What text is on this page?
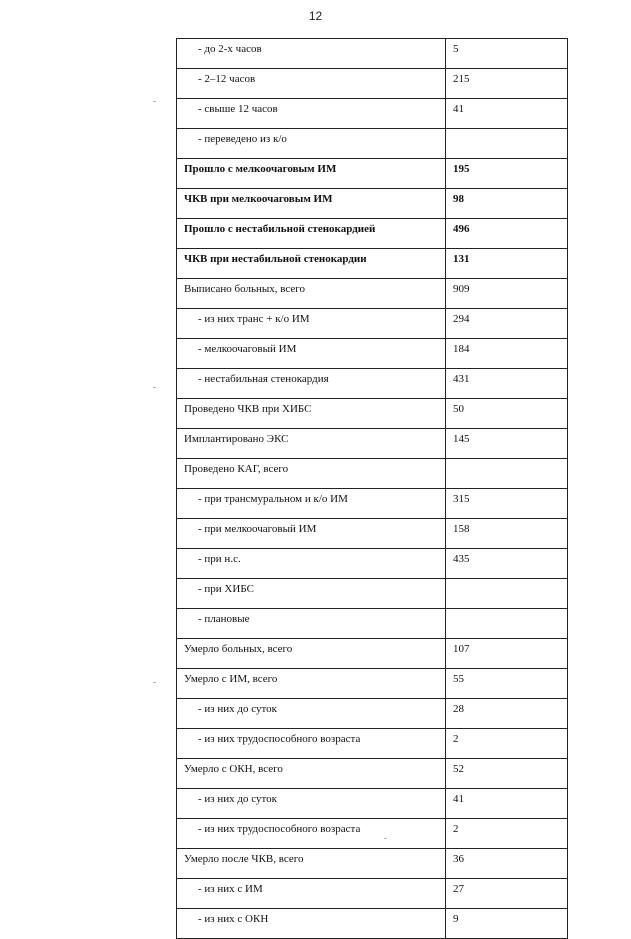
12
- до 2-х часов	5
- 2–12 часов	215
- свыше 12 часов	41
- переведено из к/о	
Прошло с мелкоочаговым ИМ	195
ЧКВ при мелкоочаговым ИМ	98
Прошло с нестабильной стенокардией	496
ЧКВ при нестабильной стенокардии	131
Выписано больных, всего	909
- из них транс + к/о ИМ	294
- мелкоочаговый ИМ	184
- нестабильная стенокардия	431
Проведено ЧКВ при ХИБС	50
Имплантировано ЭКС	145
Проведено КАГ, всего	
- при трансмуральном и к/о ИМ	315
- при мелкоочаговый ИМ	158
- при н.с.	435
- при ХИБС	
- плановые	
Умерло больных, всего	107
Умерло с ИМ, всего	55
- из них до суток	28
- из них трудоспособного возраста	2
Умерло с ОКН, всего	52
- из них до суток	41
- из них трудоспособного возраста	2
Умерло после ЧКВ, всего	36
- из них с ИМ	27
- из них с ОКН	9
